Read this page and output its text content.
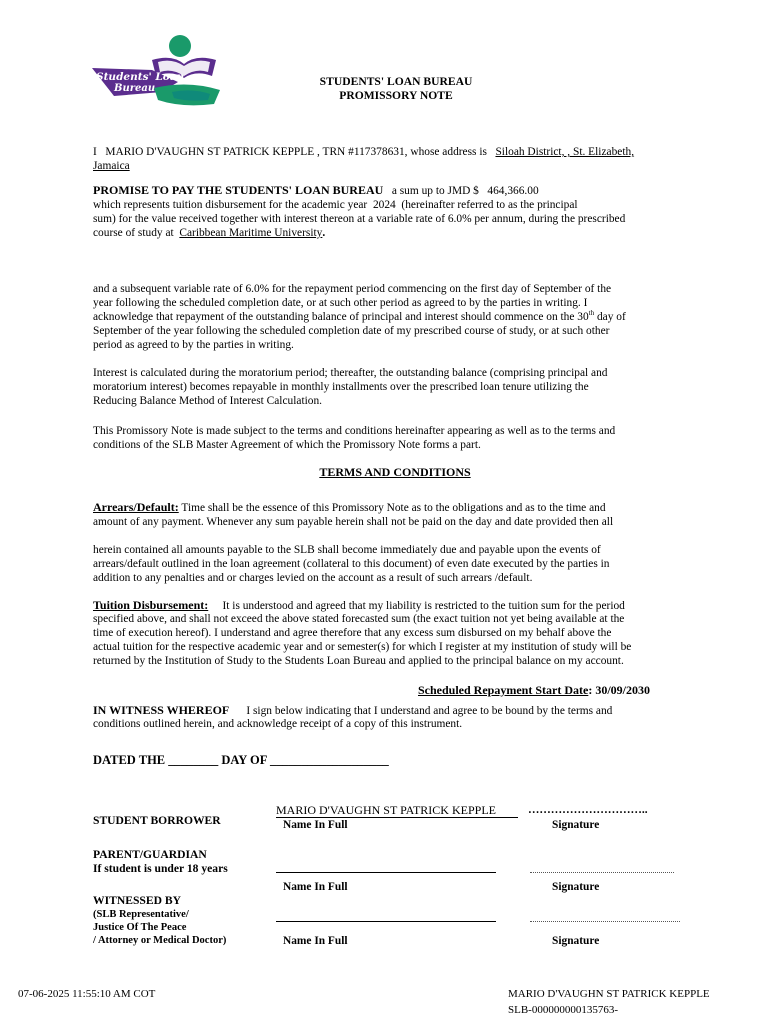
Students' Loan
Bureau
STUDENTS' LOAN BUREAU
PROMISSORY NOTE
I MARIO D'VAUGHN ST PATRICK KEPPLE , TRN #117378631, whose address is Siloah District, , St. Elizabeth,
Jamaica
PROMISE TO PAY THE STUDENTS' LOAN BUREAU a sum up to JMD $ 464,366.00
which represents tuition disbursement for the academic year 2024 (hereinafter referred to as the principal
sum) for the value received together with interest thereon at a variable rate of 6.0% per annum, during the prescribed
course of study at Caribbean Maritime University.
and a subsequent variable rate of 6.0% for the repayment period commencing on the first day of September of the
year following the scheduled completion date, or at such other period as agreed to by the parties in writing. I
acknowledge that repayment of the outstanding balance of principal and interest should commence on the 30th day of
September of the year following the scheduled completion date of my prescribed course of study, or at such other
period as agreed to by the parties in writing.
Interest is calculated during the moratorium period; thereafter, the outstanding balance (comprising principal and
moratorium interest) becomes repayable in monthly installments over the prescribed loan tenure utilizing the
Reducing Balance Method of Interest Calculation.
This Promissory Note is made subject to the terms and conditions hereinafter appearing as well as to the terms and
conditions of the SLB Master Agreement of which the Promissory Note forms a part.
TERMS AND CONDITIONS
Arrears/Default: Time shall be the essence of this Promissory Note as to the obligations and as to the time and
amount of any payment. Whenever any sum payable herein shall not be paid on the day and date provided then all
herein contained all amounts payable to the SLB shall become immediately due and payable upon the events of
arrears/default outlined in the loan agreement (collateral to this document) of even date executed by the parties in
addition to any penalties and or charges levied on the account as a result of such arrears /default.
Tuition Disbursement:     It is understood and agreed that my liability is restricted to the tuition sum for the period
specified above, and shall not exceed the above stated forecasted sum (the exact tuition not yet being available at the
time of execution hereof). I understand and agree therefore that any excess sum disbursed on my behalf above the
actual tuition for the respective academic year and or semester(s) for which I register at my institution of study will be
returned by the Institution of Study to the Students Loan Bureau and applied to the principal balance on my account.
Scheduled Repayment Start Date: 30/09/2030
IN WITNESS WHEREOF      I sign below indicating that I understand and agree to be bound by the terms and
conditions outlined herein, and acknowledge receipt of a copy of this instrument.
DATED THE ________ DAY OF ___________________
STUDENT BORROWER
MARIO D'VAUGHN ST PATRICK KEPPLE	…………………………..
Name In Full	Signature
PARENT/GUARDIAN
If student is under 18 years
Name In Full	Signature
WITNESSED BY
(SLB Representative/
Justice Of The Peace
/ Attorney or Medical Doctor)	Name In Full	Signature
07-06-2025 11:55:10 AM COT	MARIO D'VAUGHN ST PATRICK KEPPLE
SLB-000000000135763-
